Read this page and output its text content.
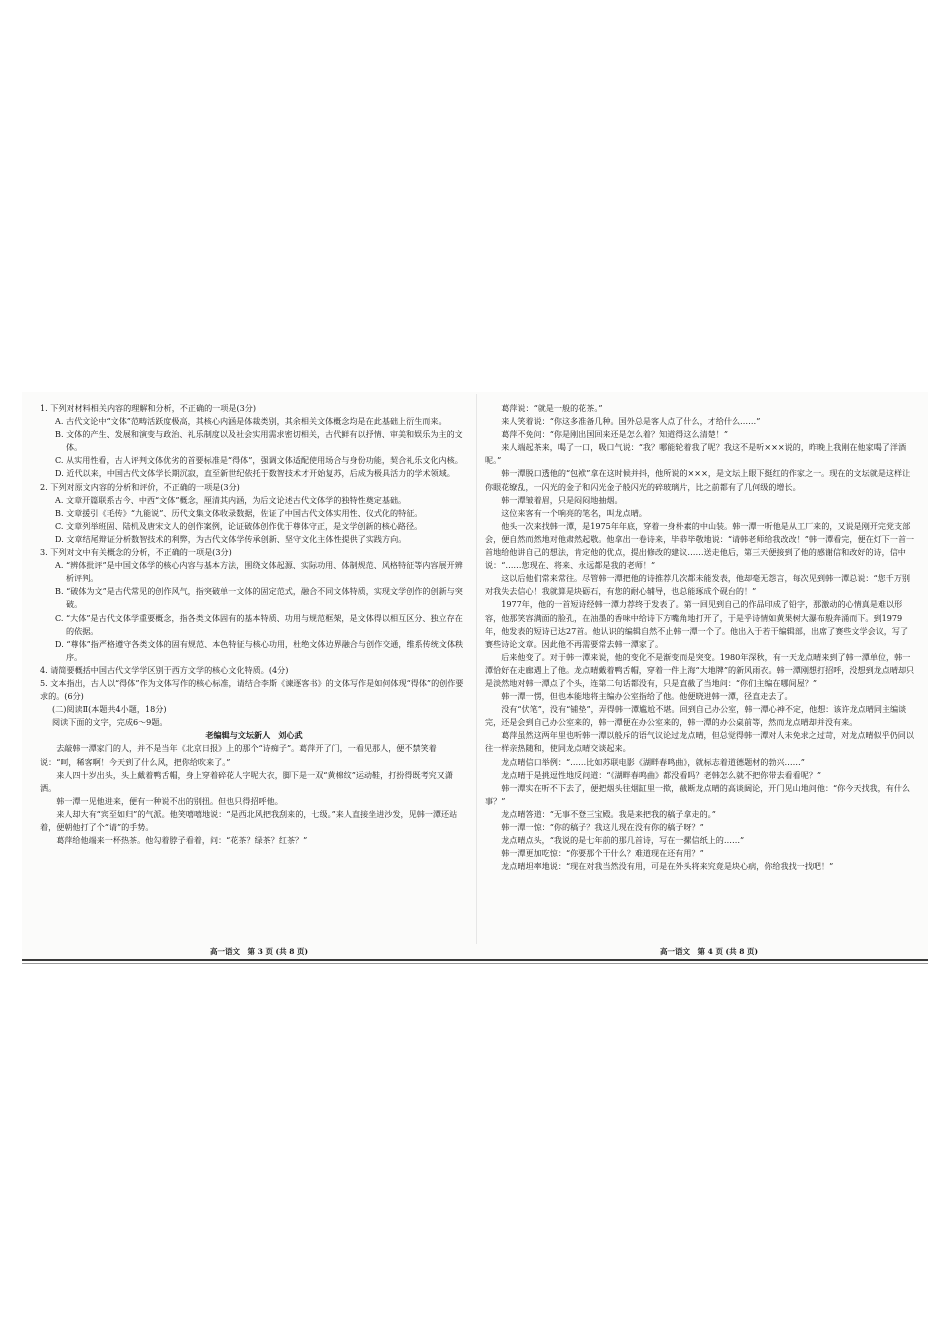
1. 下列对材料相关内容的理解和分析，不正确的一项是(3分)

A. 古代文论中“文体”范畴活跃度极高，其核心内涵是体裁类别，其余相关文体概念均是在此基础上衍生而来。

B. 文体的产生、发展和演变与政治、礼乐制度以及社会实用需求密切相关，古代鲜有以抒情、审美和娱乐为主的文体。

C. 从实用性看，古人评判文体优劣的首要标准是“得体”，强调文体适配使用场合与身份功能，契合礼乐文化内核。

D. 近代以来，中国古代文体学长期沉寂，直至新世纪依托于数智技术才开始复苏，后成为极具活力的学术领域。

2. 下列对原文内容的分析和评价，不正确的一项是(3分)

A. 文章开篇联系古今、中西“文体”概念，厘清其内涵，为后文论述古代文体学的独特性奠定基础。

B. 文章援引《毛传》“九能说”、历代文集文体收录数据，佐证了中国古代文体实用性、仪式化的特征。

C. 文章列举班固、陆机及唐宋文人的创作案例，论证破体创作优于尊体守正，是文学创新的核心路径。

D. 文章结尾辩证分析数智技术的利弊，为古代文体学传承创新、坚守文化主体性提供了实践方向。

3. 下列对文中有关概念的分析，不正确的一项是(3分)

A. “辨体批评”是中国文体学的核心内容与基本方法，围绕文体起源、实际功用、体制规范、风格特征等内容展开辨析评判。

B. “破体为文”是古代常见的创作风气，指突破单一文体的固定范式，融合不同文体特质，实现文学创作的创新与突破。

C. “大体”是古代文体学重要概念，指各类文体固有的基本特质、功用与规范框架，是文体得以相互区分、独立存在的依据。

D. “尊体”指严格遵守各类文体的固有规范、本色特征与核心功用，杜绝文体边界融合与创作交通，维系传统文体秩序。

4. 请简要概括中国古代文学学区别于西方文学的核心文化特质。(4分)

5. 文本指出，古人以“得体”作为文体写作的核心标准，请结合李斯《谏逐客书》的文体写作是如何体现“得体”的创作要求的。(6分)

(二)阅读Ⅱ(本题共4小题，18分)

阅读下面的文字，完成6～9题。

老编辑与文坛新人　刘心武

去敲韩一潭家门的人，并不是当年《北京日报》上的那个“诗痴子”。葛萍开了门，一看见那人，便不禁笑着说：“呵，稀客啊！今天到了什么风，把你给吹来了。”

来人四十岁出头，头上戴着鸭舌帽，身上穿着碎花人字呢大衣，脚下是一双“黄棉纹”运动鞋，打扮得既考究又潇洒。

韩一潭一见他进来，便有一种说不出的别扭。但也只得招呼他。

来人却大有“宾至如归”的气派。他笑嘻嘻地说：“是西北风把我刮来的，七级。”来人直接坐进沙发，见韩一潭还站着，便朝他打了个“请”的手势。

葛萍给他端来一杯热茶。他勾着脖子看着，问：“花茶？绿茶？红茶？”

葛萍说：“就是一般的花茶。”

来人笑着说：“你这多准备几种。国外总是客人点了什么，才给什么……”

葛萍不免问：“你是刚出国回来还是怎么着？知道得这么清楚！”

来人端起茶来，喝了一口，吸口气说：“我？哪能轮着我了呢？我这不是听×××说的，昨晚上我刚在他家喝了洋酒呢。”

韩一潭脱口透他的“包袱”拿在这时候并抖，他所说的×××，是文坛上眼下挺红的作家之一。现在的文坛就是这样让你眼花缭乱，一闪光的金子和闪光金子般闪光的碎玻璃片，比之前都有了几何级的增长。

韩一潭皱着眉，只是闷闷地抽烟。

这位来客有一个响亮的笔名，叫龙点晴。

他头一次来找韩一潭，是1975年年底，穿着一身朴素的中山装。韩一潭一听他是从工厂来的，又说是刚开完党支部会，便自然而然地对他肃然起敬。他拿出一卷诗来，毕恭毕敬地说：“请韩老师给我改改！”韩一潭看完，便在灯下一首一首地给他讲自己的想法，肯定他的优点，提出修改的建议……送走他后，第三天便接到了他的感谢信和改好的诗，信中说：“……您现在、将来、永远都是我的老师！”

这以后他们常来常往。尽管韩一潭把他的诗推荐几次都未能发表，他却毫无怨言，每次见到韩一潭总说：“您千万别对我失去信心！我就算是块砺石，有您的耐心辅导，也总能琢成个砚台的！”

1977年，他的一首短诗经韩一潭力荐终于发表了。第一回见到自己的作品印成了铅字，那激动的心情真是难以形容，他那笑容满面的脸孔，在油墨的香味中给诗下方嘴角地打开了，于是乎诗情如黄果树大瀑布般奔涌而下。到1979年，他发表的短诗已达27首。他认识的编辑自然不止韩一潭一个了。他出入于若干编辑部，出席了赛些文学会议，写了赛些诗论文章。因此他不再需要常去韩一潭家了。

后来他变了。对于韩一潭来说，他的变化不是渐变而是突变。1980年深秋，有一天龙点晴来到了韩一潭单位，韩一潭恰好在走廊遇上了他。龙点晴戴着鸭舌帽，穿着一件上海“大地牌”的新风雨衣。韩一潭刚想打招呼，没想到龙点晴却只是淡然地对韩一潭点了个头，连第二句话都没有，只是直截了当地问：“你们主编在哪间屋？”

韩一潭一愣，但也本能地将主编办公室指给了他。他便晓进韩一潭，径直走去了。

没有“伏笔”，没有“铺垫”，弄得韩一潭尴尬不堪。回到自己办公室，韩一潭心神不定，他想：该许龙点晴同主编谈完，还是会到自己办公室来的，韩一潭便在办公室来的，韩一潭的办公桌前等，然而龙点晴却并没有来。

葛萍虽然这两年里也听韩一潭以般斥的语气议论过龙点晴，但总觉得韩一潭对人未免求之过苛，对龙点晴似乎仍同以往一样亲热随和，使同龙点晴交谈起来。

龙点晴信口举例：“……比如苏联电影《湖畔春鸣曲》，就标志着道德题材的勃兴……”

龙点晴于是挑逗性地反问道：“《湖畔春鸣曲》都没看吗？老韩怎么就不把你带去看看呢？”

韩一潭实在听不下去了，便把烟头往烟缸里一揿，截断龙点晴的高谈阔论，开门见山地问他：“你今天找我，有什么事？”

龙点晴答道：“无事不登三宝殿。我是来把我的稿子拿走的。”

韩一潭一惊：“你的稿子？我这儿现在没有你的稿子呀？”

龙点晴点头，“我说的是七年前的那几首诗，写在一摞信纸上的……”

韩一潭更加吃惊：“你要那个干什么？难道现在还有用？”

龙点晴坦率地说：“现在对我当然没有用，可是在外头将来究竟是块心病，你给我找一找吧！”

高一语文　第 3 页 (共 8 页)	高一语文　第 4 页 (共 8 页)
